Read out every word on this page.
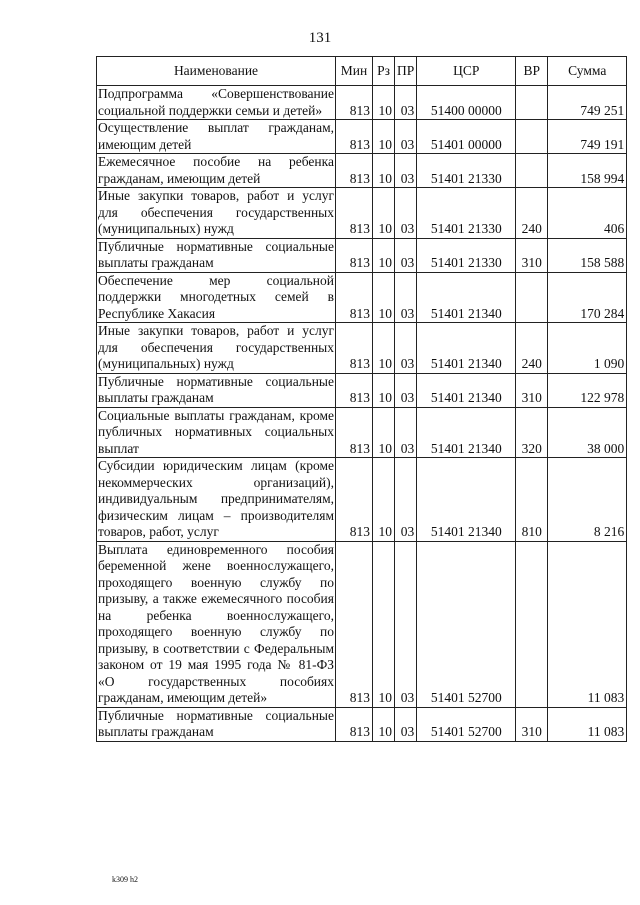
131
Наименование	Мин	Рз	ПР	ЦСР	ВР	Сумма
Подпрограмма «Совершенствование социальной поддержки семьи и детей»	813	10	03	51400 00000		749 251
Осуществление выплат гражданам, имеющим детей	813	10	03	51401 00000		749 191
Ежемесячное пособие на ребенка гражданам, имеющим детей	813	10	03	51401 21330		158 994
Иные закупки товаров, работ и услуг для обеспечения государственных (муниципальных) нужд	813	10	03	51401 21330	240	406
Публичные нормативные социальные выплаты гражданам	813	10	03	51401 21330	310	158 588
Обеспечение мер социальной поддержки многодетных семей в Республике Хакасия	813	10	03	51401 21340		170 284
Иные закупки товаров, работ и услуг для обеспечения государственных (муниципальных) нужд	813	10	03	51401 21340	240	1 090
Публичные нормативные социальные выплаты гражданам	813	10	03	51401 21340	310	122 978
Социальные выплаты гражданам, кроме публичных нормативных социальных выплат	813	10	03	51401 21340	320	38 000
Субсидии юридическим лицам (кроме некоммерческих организаций), индивидуальным предпринимателям, физическим лицам – производителям товаров, работ, услуг	813	10	03	51401 21340	810	8 216
Выплата единовременного пособия беременной жене военнослужащего, проходящего военную службу по призыву, а также ежемесячного пособия на ребенка военнослужащего, проходящего военную службу по призыву, в соответствии с Федеральным законом от 19 мая 1995 года № 81-ФЗ «О государственных пособиях гражданам, имеющим детей»	813	10	03	51401 52700		11 083
Публичные нормативные социальные выплаты гражданам	813	10	03	51401 52700	310	11 083
k309 h2
